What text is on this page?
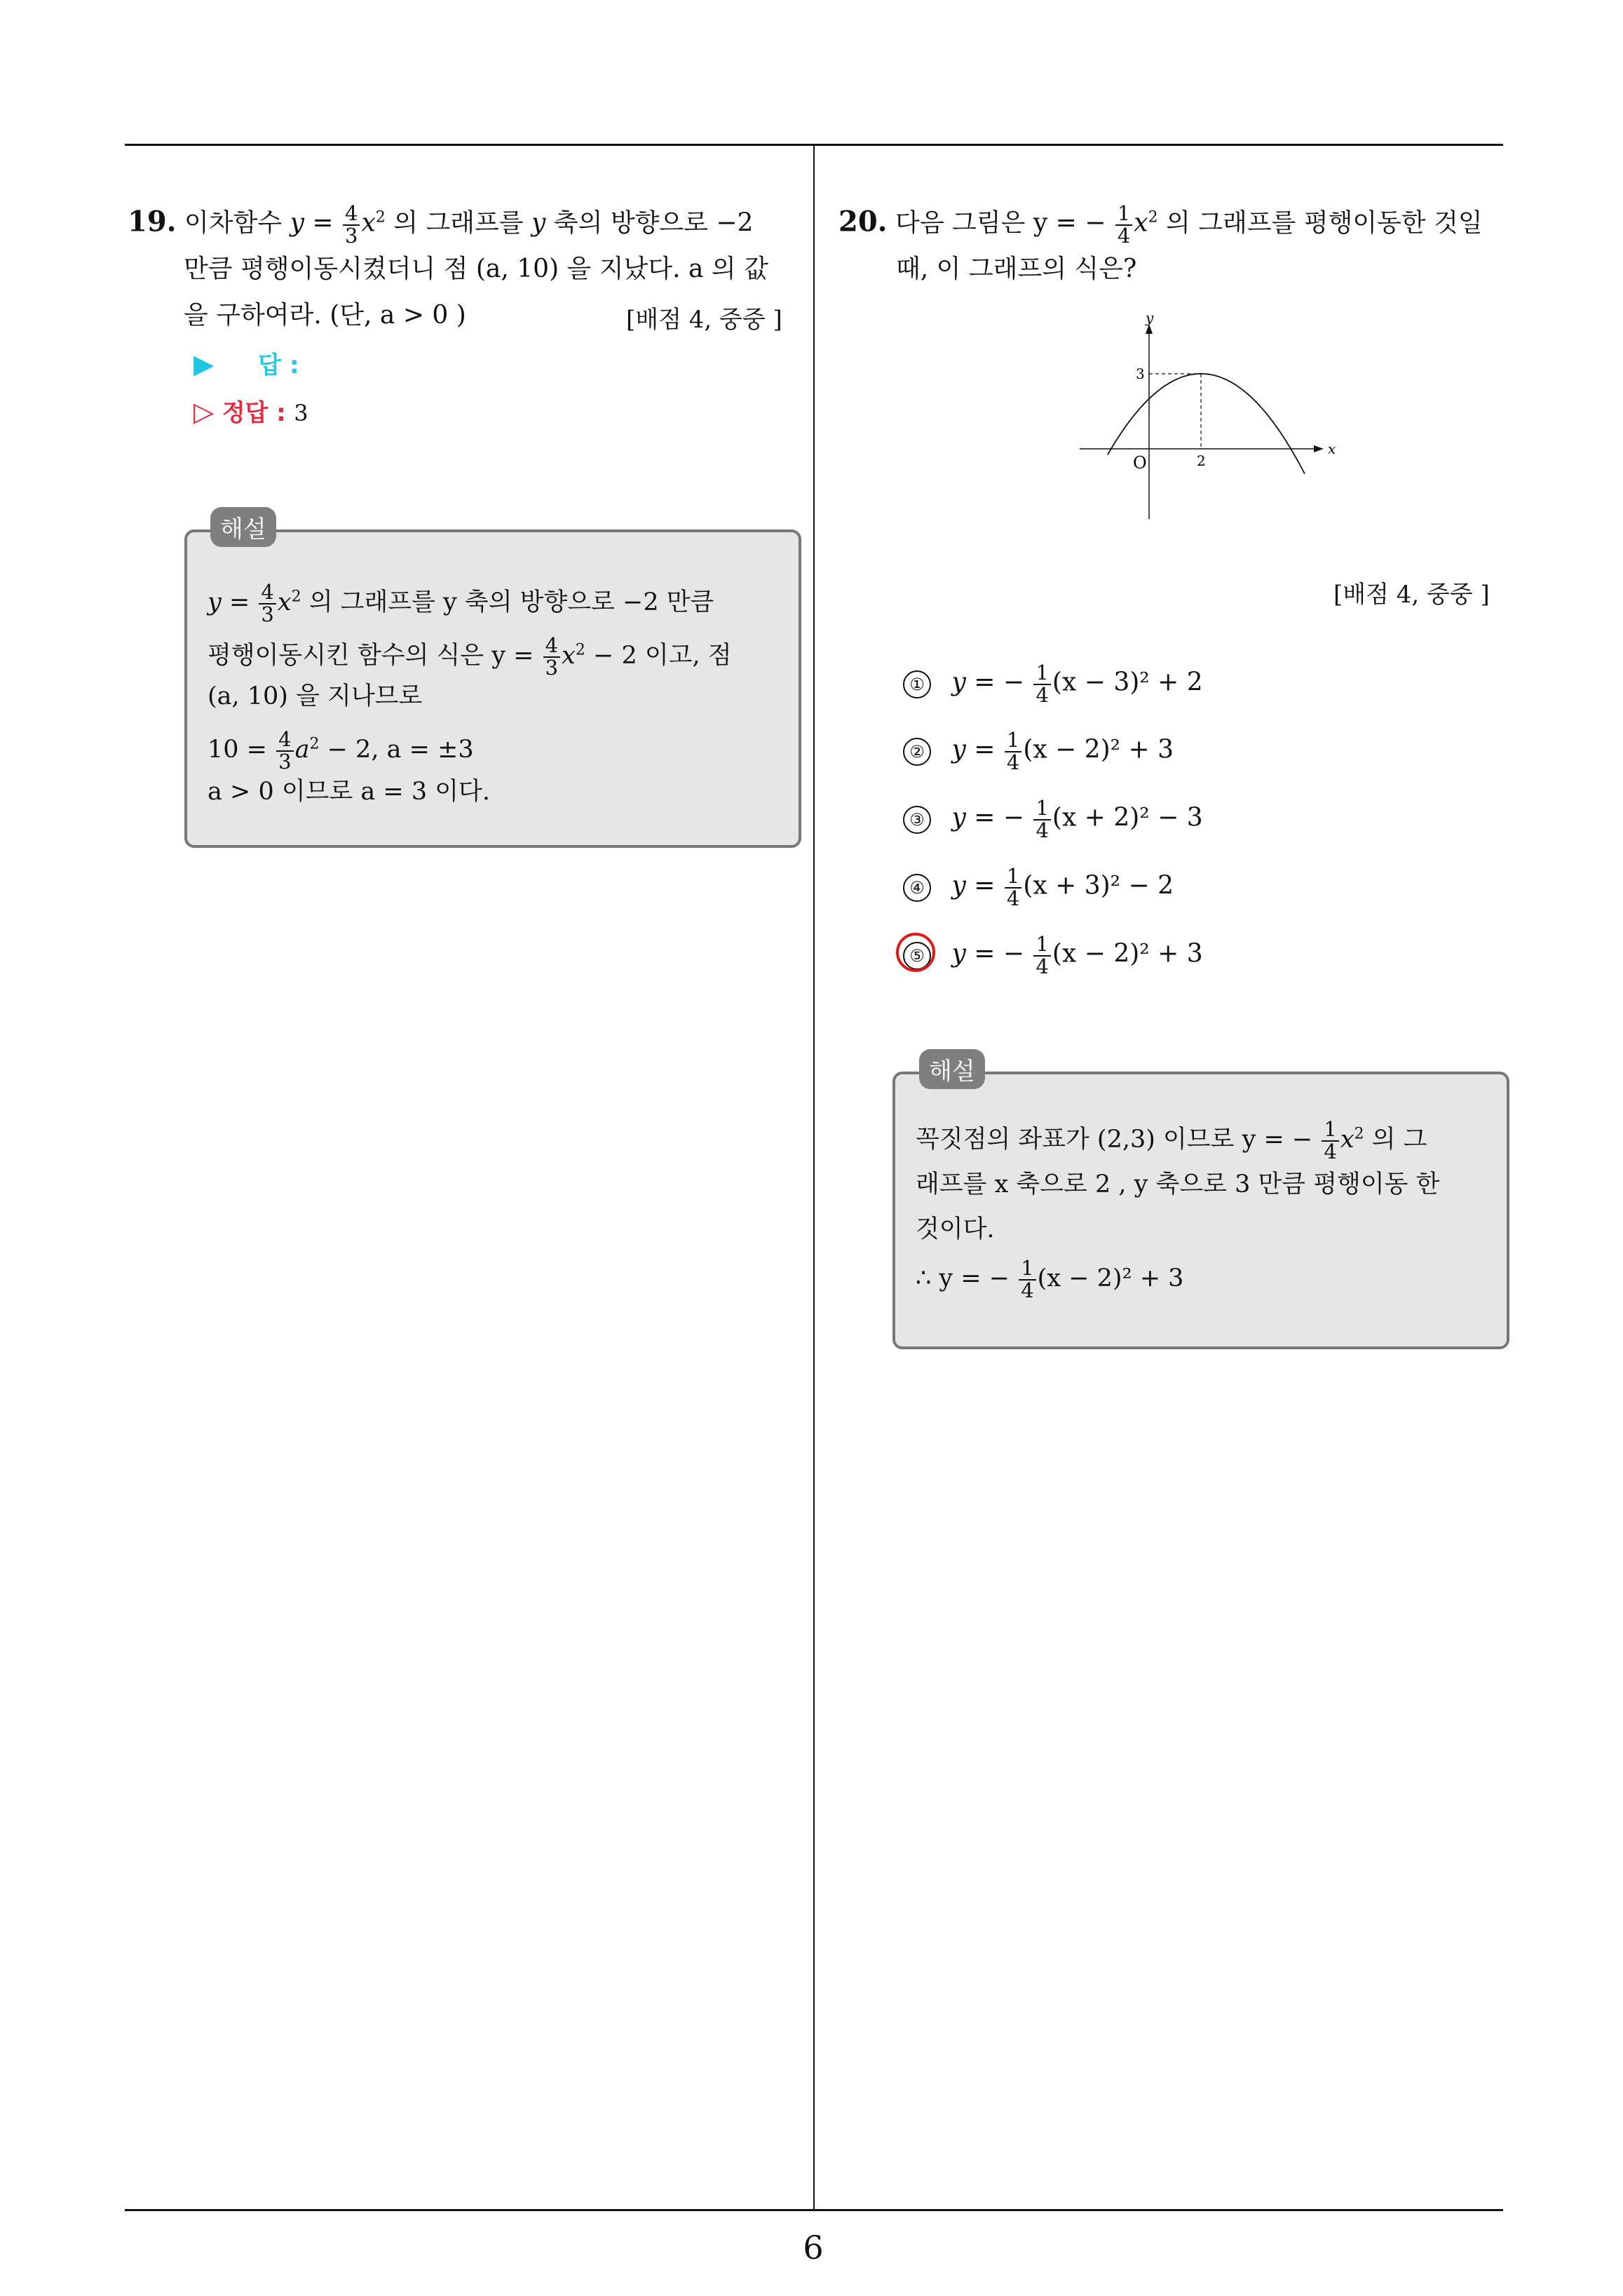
6
19. 이차함수 $y = \frac{4}{3} x^2$ 의 그래프를 y 축의 방향으로 −2
만큼 평행이동시켰더니 점 (a, 10) 을 지났다. a 의 값
을 구하여라. (단, a > 0 )	[배점 4, 중중 ]
▶ 답 :
▷ 정답 : 3
해설
$y = \frac{4}{3} x^2$ 의 그래프를 y 축의 방향으로 −2 만큼
평행이동시킨 함수의 식은 $y = \frac{4}{3} x^2 - 2$ 이고, 점
(a, 10) 을 지나므로
$10 = \frac{4}{3} a^2 - 2$, a = ±3
a > 0 이므로 a = 3 이다.
20. 다음 그림은 y = − $\frac{1}{4} x^2$ 의 그래프를 평행이동한 것일
때, 이 그래프의 식은?
y
x
O
3
2
[배점 4, 중중 ]
① y = − $\frac{1}{4} (x - 3)^2 + 2$
② $y = \frac{1}{4} (x - 2)^2 + 3$
③ y = − $\frac{1}{4} (x + 2)^2 - 3$
④ $y = \frac{1}{4} (x + 3)^2 - 2$
⑤ y = − $\frac{1}{4} (x - 2)^2 + 3$
해설
꼭짓점의 좌표가 (2,3) 이므로 y = − $\frac{1}{4} x^2$ 의 그
래프를 x 축으로 2 , y 축으로 3 만큼 평행이동 한
것이다.
∴ y = − $\frac{1}{4} (x - 2)^2 + 3$
